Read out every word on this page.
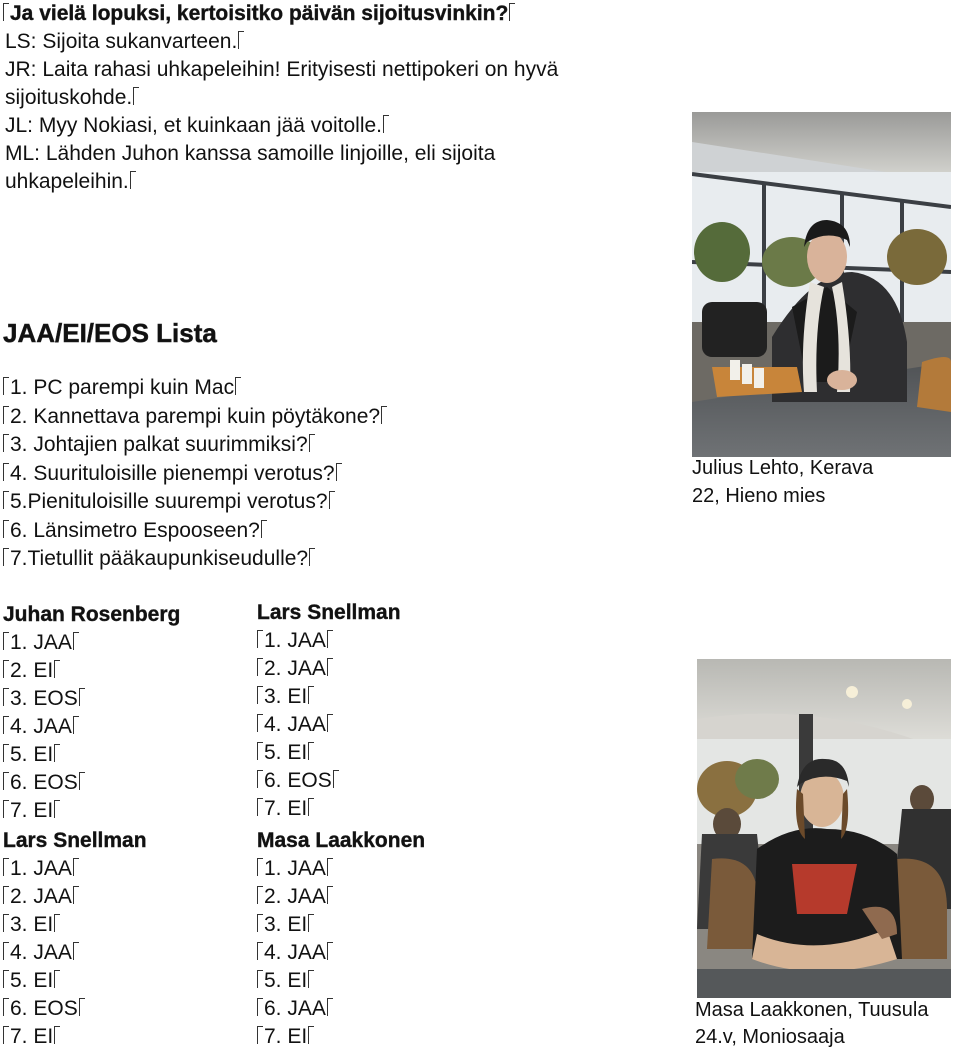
Ja vielä lopuksi, kertoisitko päivän sijoitusvinkin?
LS: Sijoita sukanvarteen.
JR: Laita rahasi uhkapeleihin! Erityisesti nettipokeri on hyvä
sijoituskohde.
JL: Myy Nokiasi, et kuinkaan jää voitolle.
ML: Lähden Juhon kanssa samoille linjoille, eli sijoita
uhkapeleihin.
JAA/EI/EOS Lista
1. PC parempi kuin Mac
2. Kannettava parempi kuin pöytäkone?
3. Johtajien palkat suurimmiksi?
4. Suurituloisille pienempi verotus?
5.Pienituloisille suurempi verotus?
6. Länsimetro Espooseen?
7.Tietullit pääkaupunkiseudulle?
Juhan Rosenberg
1. JAA
2. EI
3. EOS
4. JAA
5. EI
6. EOS
7. EI
Lars Snellman
1. JAA
2. JAA
3. EI
4. JAA
5. EI
6. EOS
7. EI
Lars Snellman
1. JAA
2. JAA
3. EI
4. JAA
5. EI
6. EOS
7. EI
Masa Laakkonen
1. JAA
2. JAA
3. EI
4. JAA
5. EI
6. JAA
7. EI
Julius Lehto, Kerava
22, Hieno mies
Masa Laakkonen, Tuusula
24.v, Moniosaaja
